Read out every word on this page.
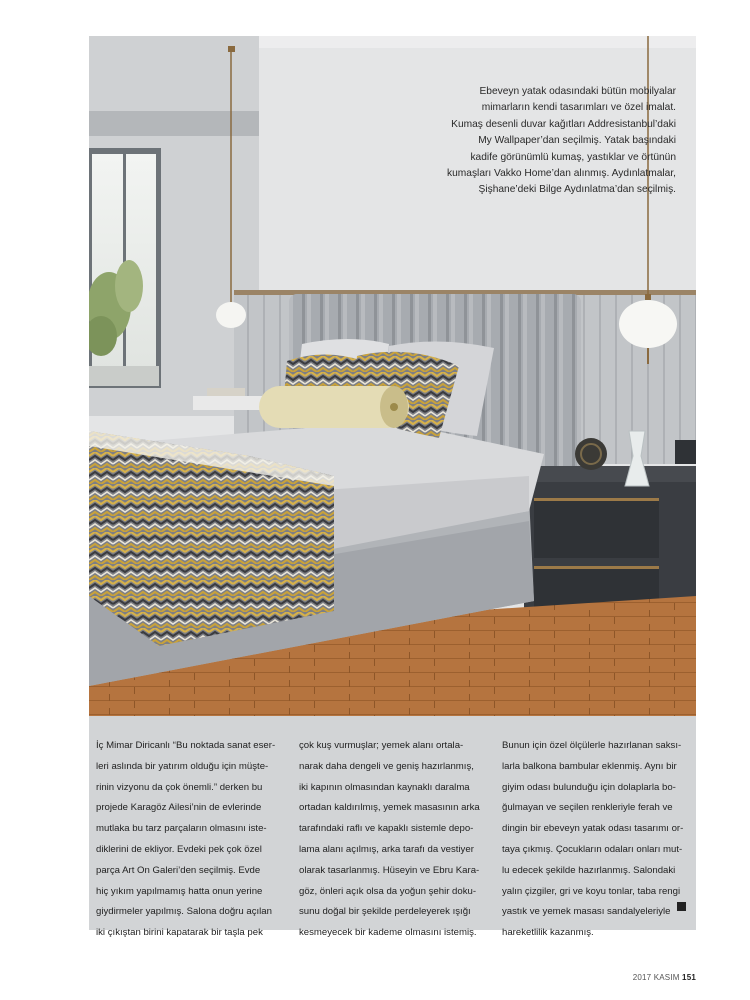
Ebeveyn yatak odasındaki bütün mobilyalar
mimarların kendi tasarımları ve özel imalat.
Kumaş desenli duvar kağıtları Addresistanbul’daki
My Wallpaper’dan seçilmiş. Yatak başındaki
kadife görünümlü kumaş, yastıklar ve örtünün
kumaşları Vakko Home’dan alınmış. Aydınlatmalar,
Şişhane’deki Bilge Aydınlatma’dan seçilmiş.
İç Mimar Diricanlı “Bu noktada sanat eser-
leri aslında bir yatırım olduğu için müşte-
rinin vizyonu da çok önemli.” derken bu
projede Karagöz Ailesi’nin de evlerinde
mutlaka bu tarz parçaların olmasını iste-
diklerini de ekliyor. Evdeki pek çok özel
parça Art On Galeri’den seçilmiş. Evde
hiç yıkım yapılmamış hatta onun yerine
giydirmeler yapılmış. Salona doğru açılan
iki çıkıştan birini kapatarak bir taşla pek
çok kuş vurmuşlar; yemek alanı ortala-
narak daha dengeli ve geniş hazırlanmış,
iki kapının olmasından kaynaklı daralma
ortadan kaldırılmış, yemek masasının arka
tarafındaki raflı ve kapaklı sistemle depo-
lama alanı açılmış, arka tarafı da vestiyer
olarak tasarlanmış. Hüseyin ve Ebru Kara-
göz, önleri açık olsa da yoğun şehir doku-
sunu doğal bir şekilde perdeleyerek ışığı
kesmeyecek bir kademe olmasını istemiş.
Bunun için özel ölçülerle hazırlanan saksı-
larla balkona bambular eklenmiş. Aynı bir
giyim odası bulunduğu için dolaplarla bo-
ğulmayan ve seçilen renkleriyle ferah ve
dingin bir ebeveyn yatak odası tasarımı or-
taya çıkmış. Çocukların odaları onları mut-
lu edecek şekilde hazırlanmış. Salondaki
yalın çizgiler, gri ve koyu tonlar, taba rengi
yastık ve yemek masası sandalyeleriyle
hareketlilik kazanmış.
2017 KASIM 151
